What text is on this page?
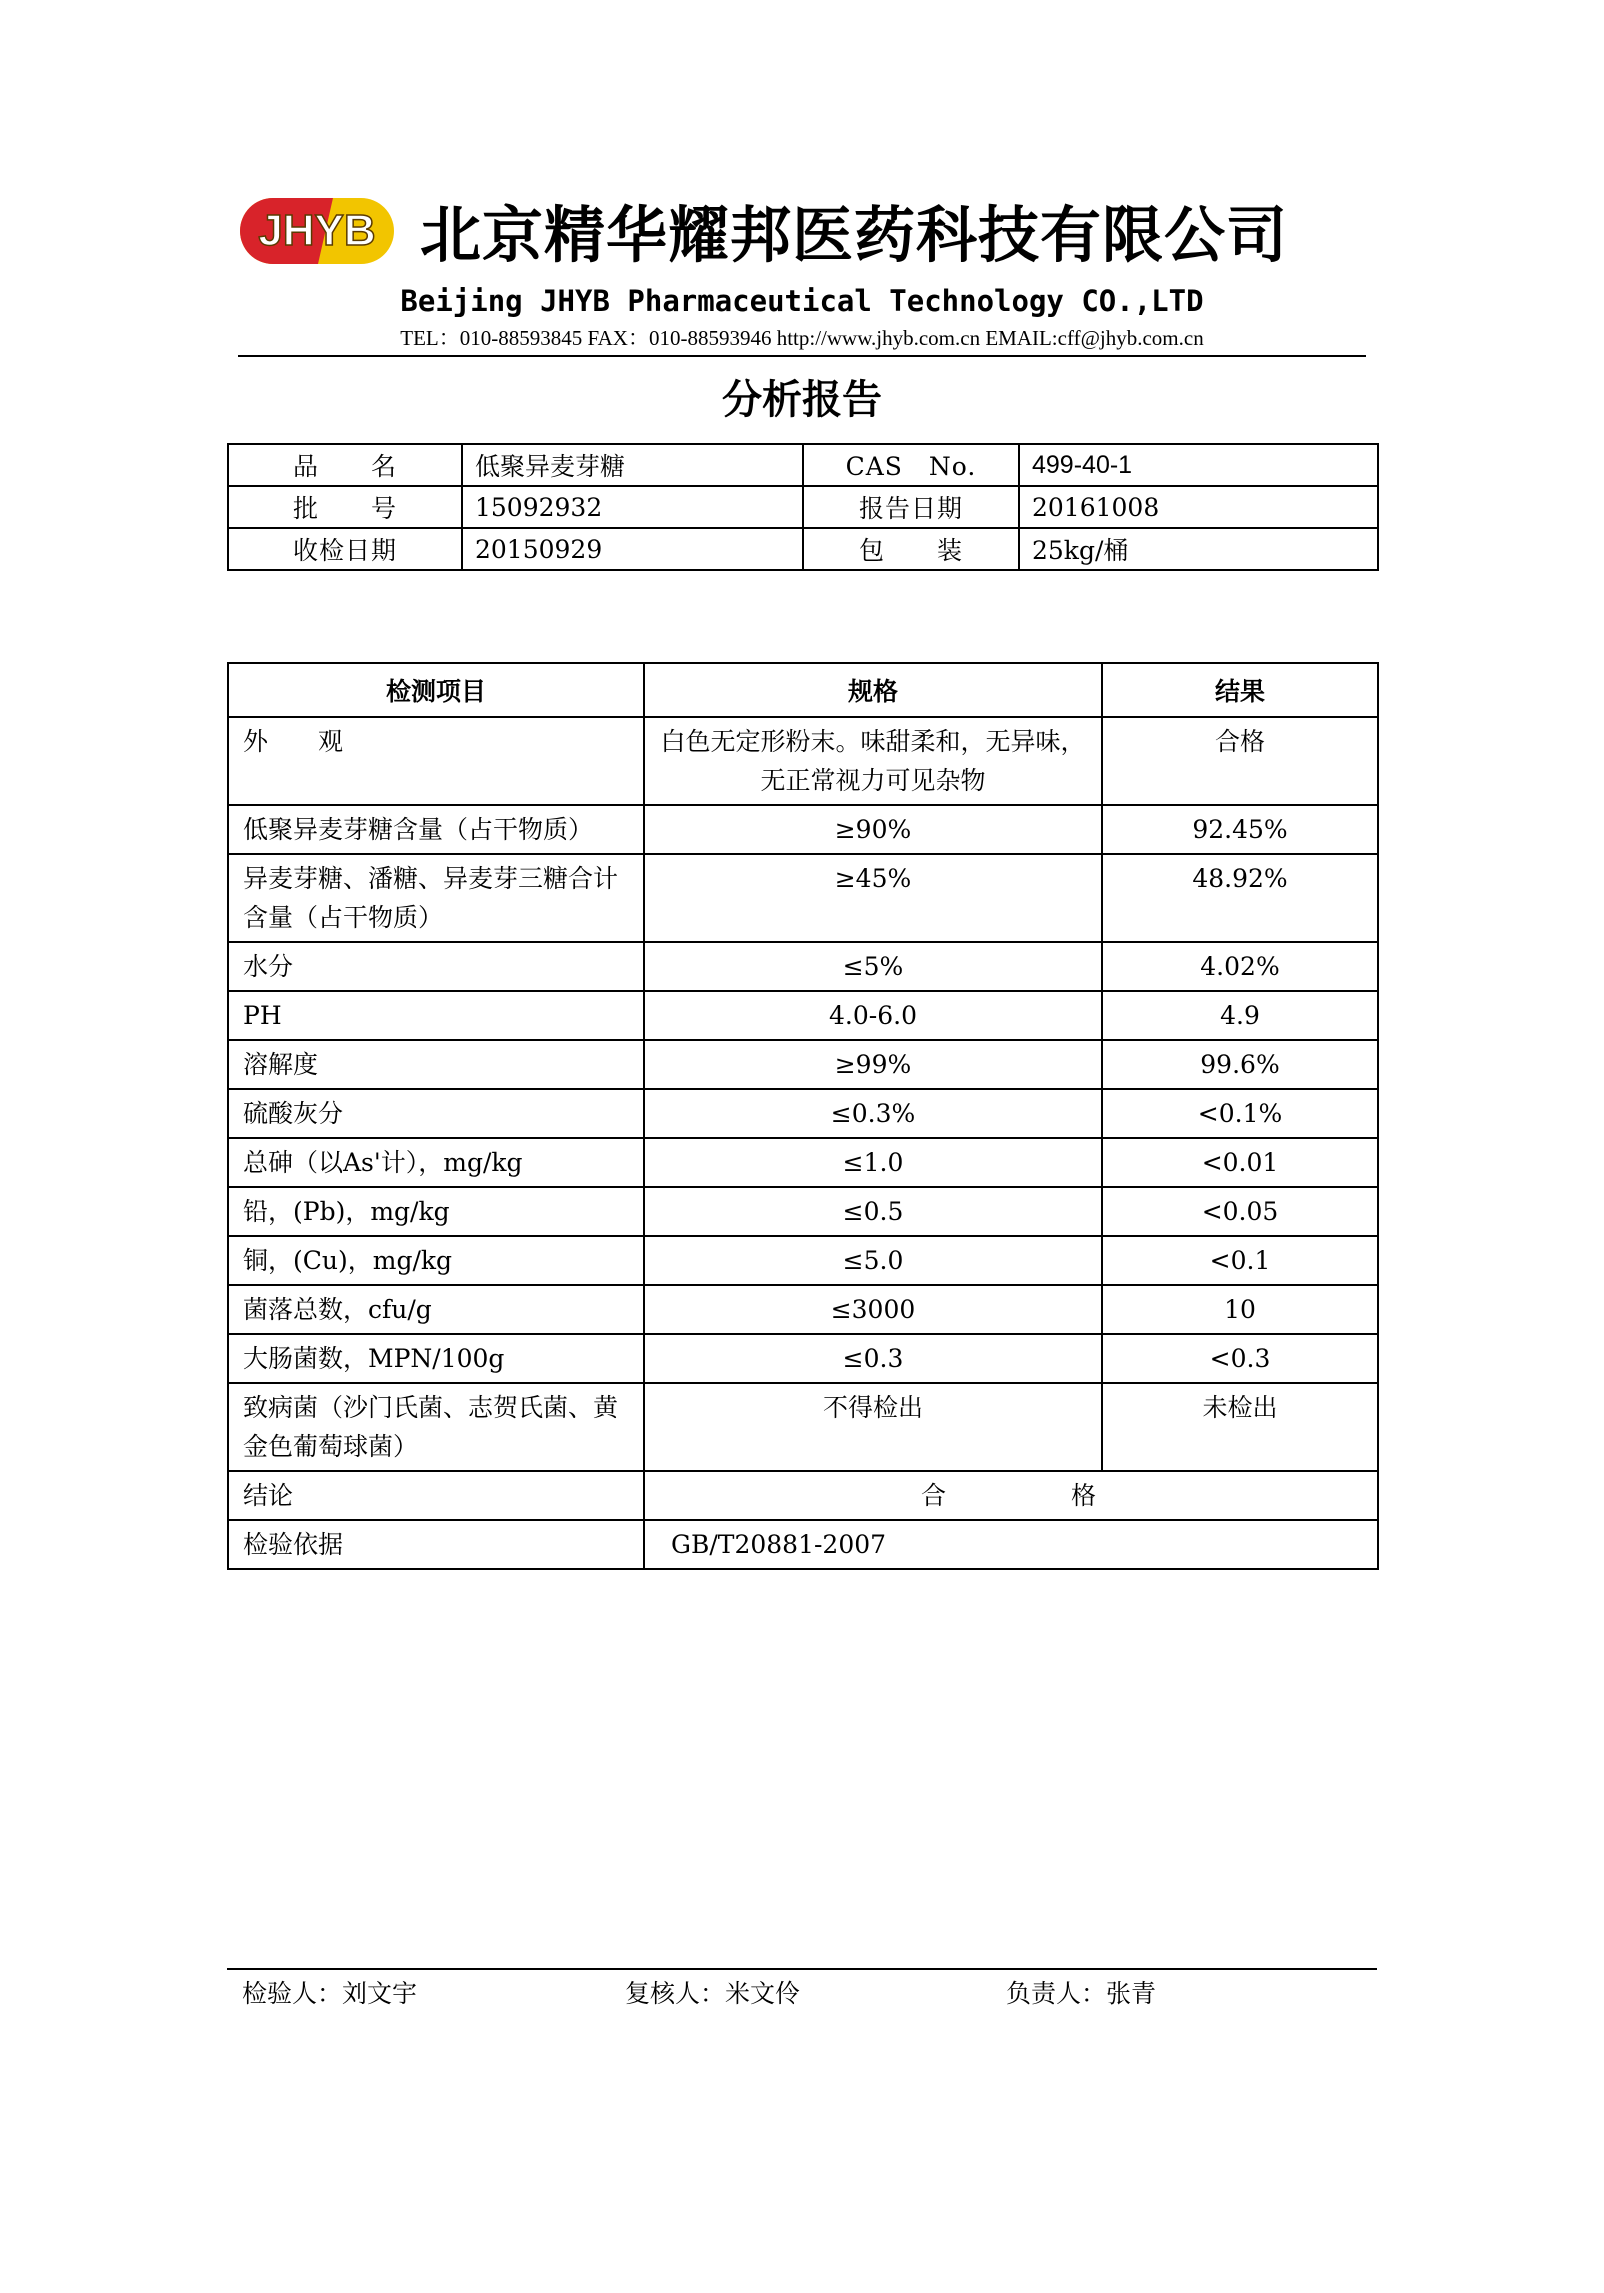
JHYB 北京精华耀邦医药科技有限公司
Beijing JHYB Pharmaceutical Technology CO.,LTD
TEL：010-88593845 FAX：010-88593946 http://www.jhyb.com.cn EMAIL:cff@jhyb.com.cn
分析报告
品　　名	低聚异麦芽糖	CAS　No.	499-40-1
批　　号	15092932	报告日期	20161008
收检日期	20150929	包　　装	25kg/桶
检测项目	规格	结果
外　　观	白色无定形粉末。味甜柔和，无异味，无正常视力可见杂物	合格
低聚异麦芽糖含量（占干物质）	≥90%	92.45%
异麦芽糖、潘糖、异麦芽三糖合计含量（占干物质）	≥45%	48.92%
水分	≤5%	4.02%
PH	4.0-6.0	4.9
溶解度	≥99%	99.6%
硫酸灰分	≤0.3%	<0.1%
总砷（以As'计），mg/kg	≤1.0	<0.01
铅，(Pb)，mg/kg	≤0.5	<0.05
铜，(Cu)，mg/kg	≤5.0	<0.1
菌落总数，cfu/g	≤3000	10
大肠菌数，MPN/100g	≤0.3	<0.3
致病菌（沙门氏菌、志贺氏菌、黄金色葡萄球菌）	不得检出	未检出
结论	合　　　　格	
检验依据	GB/T20881-2007	
检验人：刘文宇	复核人：米文伶	负责人：张青
